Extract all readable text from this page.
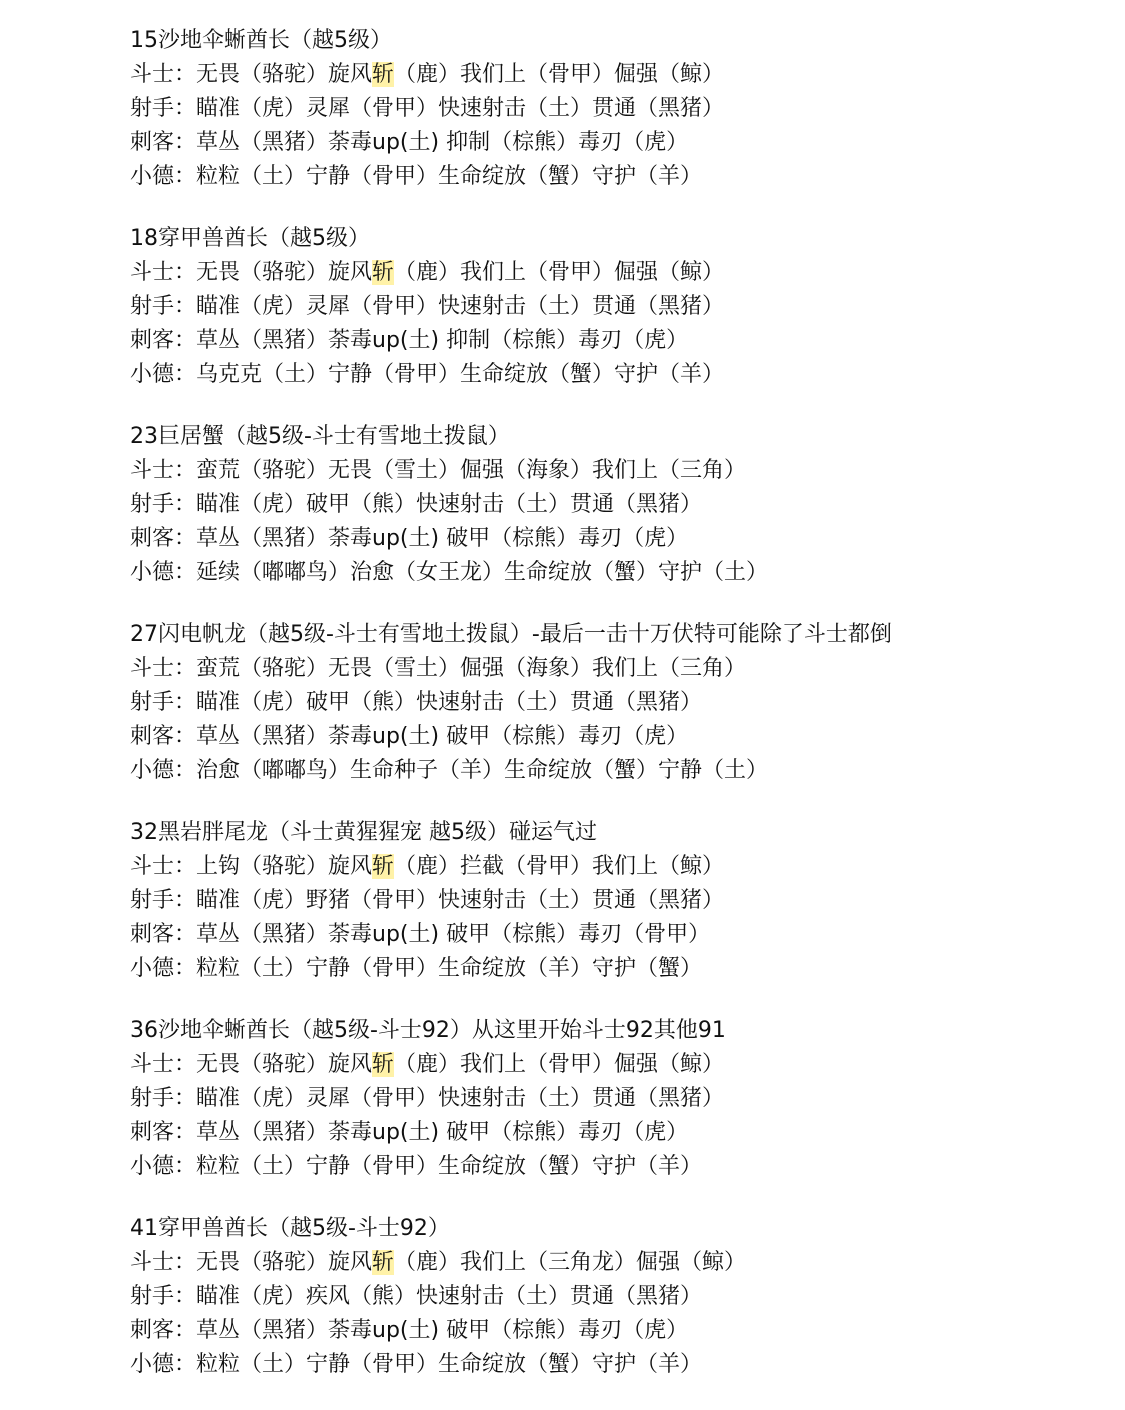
15沙地伞蜥酋长（越5级）
斗士：无畏（骆驼）旋风斩（鹿）我们上（骨甲）倔强（鲸）
射手：瞄准（虎）灵犀（骨甲）快速射击（土）贯通（黑猪）
刺客：草丛（黑猪）荼毒up(土) 抑制（棕熊）毒刃（虎）
小德：粒粒（土）宁静（骨甲）生命绽放（蟹）守护（羊）
18穿甲兽酋长（越5级）
斗士：无畏（骆驼）旋风斩（鹿）我们上（骨甲）倔强（鲸）
射手：瞄准（虎）灵犀（骨甲）快速射击（土）贯通（黑猪）
刺客：草丛（黑猪）荼毒up(土) 抑制（棕熊）毒刃（虎）
小德：乌克克（土）宁静（骨甲）生命绽放（蟹）守护（羊）
23巨居蟹（越5级-斗士有雪地土拨鼠）
斗士：蛮荒（骆驼）无畏（雪土）倔强（海象）我们上（三角）
射手：瞄准（虎）破甲（熊）快速射击（土）贯通（黑猪）
刺客：草丛（黑猪）荼毒up(土) 破甲（棕熊）毒刃（虎）
小德：延续（嘟嘟鸟）治愈（女王龙）生命绽放（蟹）守护（土）
27闪电帆龙（越5级-斗士有雪地土拨鼠）-最后一击十万伏特可能除了斗士都倒
斗士：蛮荒（骆驼）无畏（雪土）倔强（海象）我们上（三角）
射手：瞄准（虎）破甲（熊）快速射击（土）贯通（黑猪）
刺客：草丛（黑猪）荼毒up(土) 破甲（棕熊）毒刃（虎）
小德：治愈（嘟嘟鸟）生命种子（羊）生命绽放（蟹）宁静（土）
32黑岩胖尾龙（斗士黄猩猩宠 越5级）碰运气过
斗士：上钩（骆驼）旋风斩（鹿）拦截（骨甲）我们上（鲸）
射手：瞄准（虎）野猪（骨甲）快速射击（土）贯通（黑猪）
刺客：草丛（黑猪）荼毒up(土) 破甲（棕熊）毒刃（骨甲）
小德：粒粒（土）宁静（骨甲）生命绽放（羊）守护（蟹）
36沙地伞蜥酋长（越5级-斗士92）从这里开始斗士92其他91
斗士：无畏（骆驼）旋风斩（鹿）我们上（骨甲）倔强（鲸）
射手：瞄准（虎）灵犀（骨甲）快速射击（土）贯通（黑猪）
刺客：草丛（黑猪）荼毒up(土) 破甲（棕熊）毒刃（虎）
小德：粒粒（土）宁静（骨甲）生命绽放（蟹）守护（羊）
41穿甲兽酋长（越5级-斗士92）
斗士：无畏（骆驼）旋风斩（鹿）我们上（三角龙）倔强（鲸）
射手：瞄准（虎）疾风（熊）快速射击（土）贯通（黑猪）
刺客：草丛（黑猪）荼毒up(土) 破甲（棕熊）毒刃（虎）
小德：粒粒（土）宁静（骨甲）生命绽放（蟹）守护（羊）
